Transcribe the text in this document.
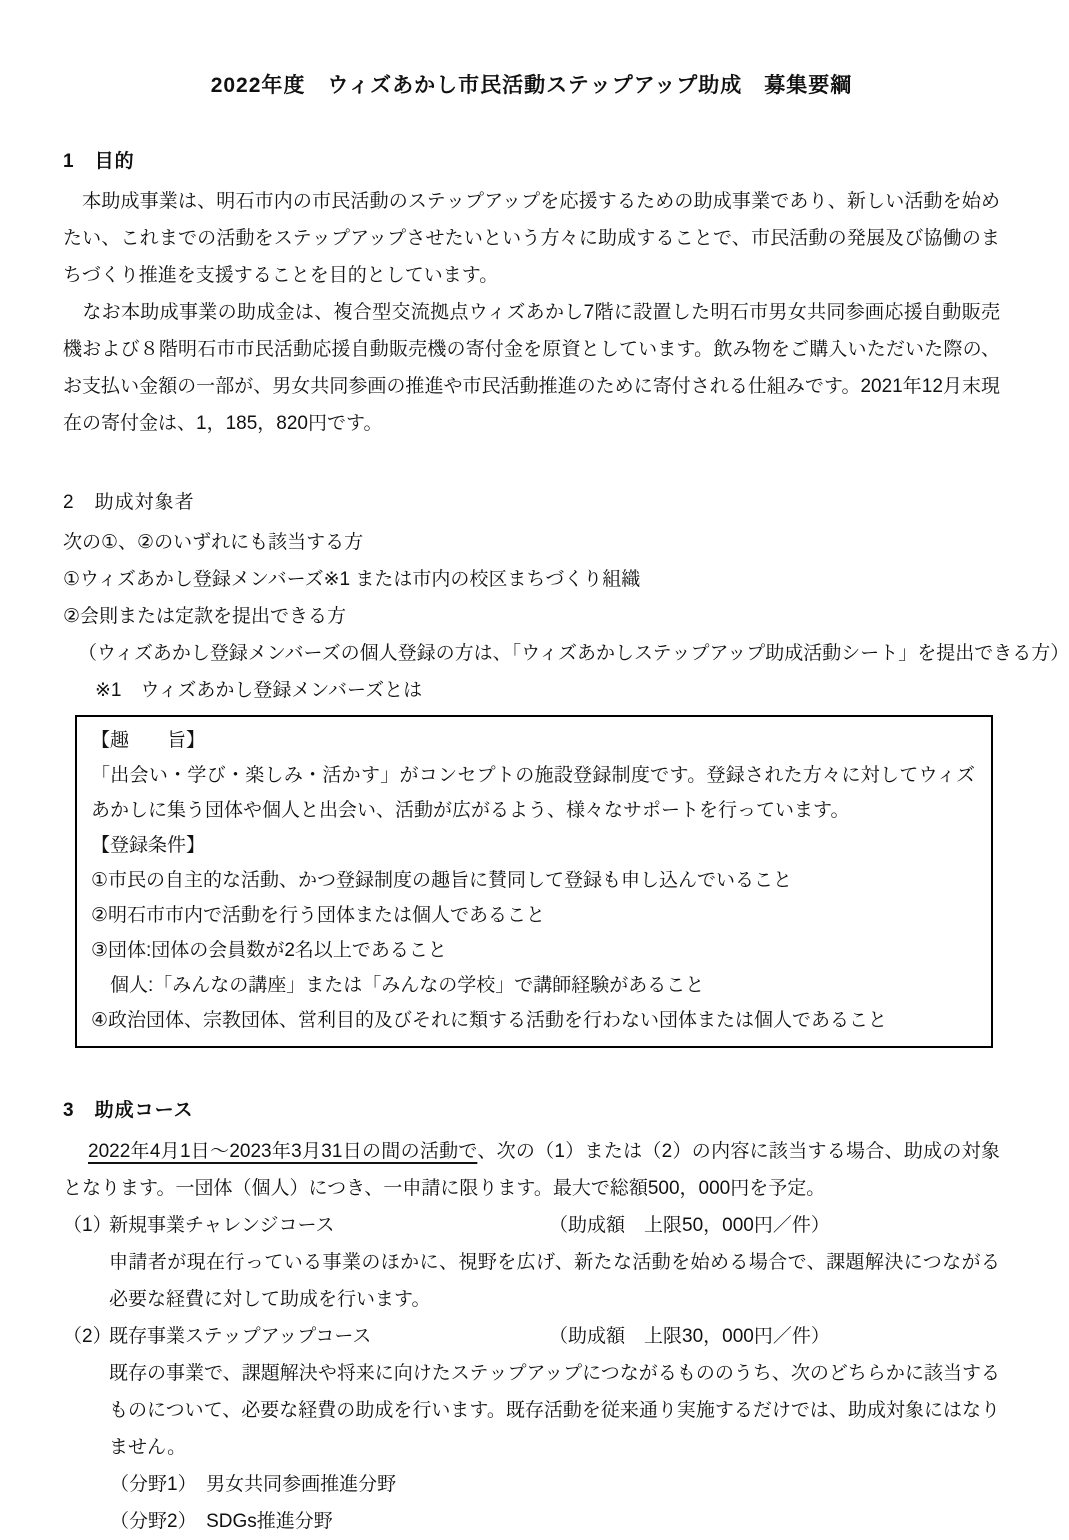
2022年度　ウィズあかし市民活動ステップアップ助成　募集要綱
1　目的

　本助成事業は、明石市内の市民活動のステップアップを応援するための助成事業であり、新しい活動を始めたい、これまでの活動をステップアップさせたいという方々に助成することで、市民活動の発展及び協働のまちづくり推進を支援することを目的としています。

　なお本助成事業の助成金は、複合型交流拠点ウィズあかし7階に設置した明石市男女共同参画応援自動販売機および８階明石市市民活動応援自動販売機の寄付金を原資としています。飲み物をご購入いただいた際の、お支払い金額の一部が、男女共同参画の推進や市民活動推進のために寄付される仕組みです。2021年12月末現在の寄付金は、1，185，820円です。

2　助成対象者
次の①、②のいずれにも該当する方
①ウィズあかし登録メンバーズ※1 または市内の校区まちづくり組織
②会則または定款を提出できる方
（ウィズあかし登録メンバーズの個人登録の方は、「ウィズあかしステップアップ助成活動シート」を提出できる方）
※1　ウィズあかし登録メンバーズとは
【趣　　旨】

「出会い・学び・楽しみ・活かす」がコンセプトの施設登録制度です。登録された方々に対してウィズあかしに集う団体や個人と出会い、活動が広がるよう、様々なサポートを行っています。

【登録条件】
①市民の自主的な活動、かつ登録制度の趣旨に賛同して登録も申し込んでいること
②明石市市内で活動を行う団体または個人であること
③団体:団体の会員数が2名以上であること
個人:「みんなの講座」または「みんなの学校」で講師経験があること
④政治団体、宗教団体、営利目的及びそれに類する活動を行わない団体または個人であること
3　助成コース

2022年4月1日～2023年3月31日の間の活動で、次の（1）または（2）の内容に該当する場合、助成の対象となります。一団体（個人）につき、一申請に限ります。最大で総額500，000円を予定。

（1）新規事業チャレンジコース	（助成額　上限50，000円／件）

申請者が現在行っている事業のほかに、視野を広げ、新たな活動を始める場合で、課題解決につながる必要な経費に対して助成を行います。

（2）既存事業ステップアップコース	（助成額　上限30，000円／件）

既存の事業で、課題解決や将来に向けたステップアップにつながるもののうち、次のどちらかに該当するものについて、必要な経費の助成を行います。既存活動を従来通り実施するだけでは、助成対象にはなりません。

（分野1）　男女共同参画推進分野
（分野2）　SDGs推進分野
